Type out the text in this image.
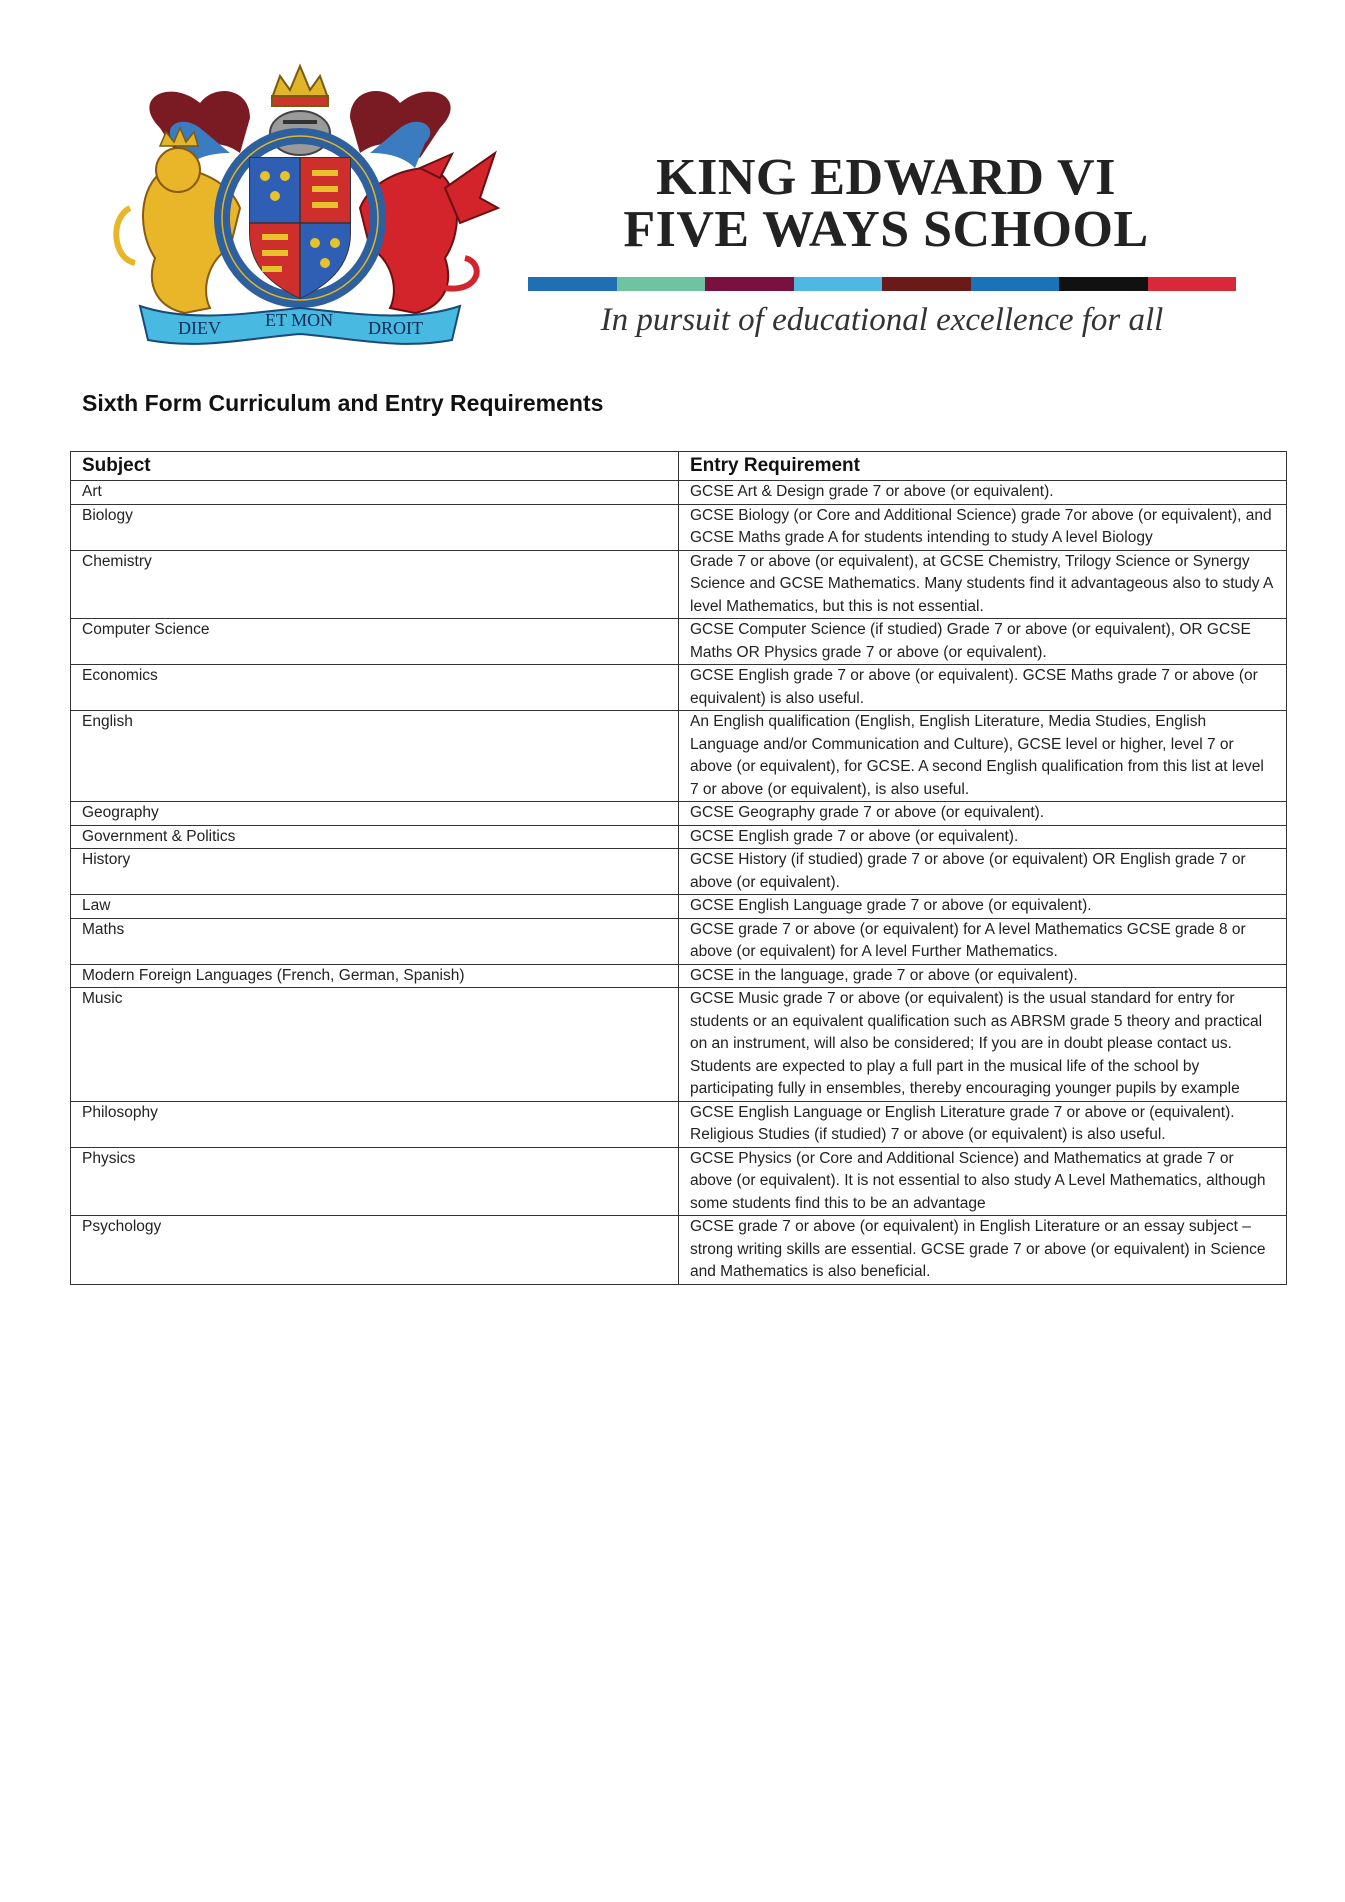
DIEV ET MON DROIT
KING EDWARD VI
FIVE WAYS SCHOOL
In pursuit of educational excellence for all
Sixth Form Curriculum and Entry Requirements
Subject	Entry Requirement
Art	GCSE Art & Design grade 7 or above (or equivalent).
Biology	GCSE Biology (or Core and Additional Science) grade 7or above (or equivalent), and GCSE Maths grade A for students intending to study A level Biology
Chemistry	Grade 7 or above (or equivalent), at GCSE Chemistry, Trilogy Science or Synergy Science and GCSE Mathematics. Many students find it advantageous also to study A level Mathematics, but this is not essential.
Computer Science	GCSE Computer Science (if studied) Grade 7 or above (or equivalent), OR GCSE Maths OR Physics grade 7 or above (or equivalent).
Economics	GCSE English grade 7 or above (or equivalent). GCSE Maths grade 7 or above (or equivalent) is also useful.
English	An English qualification (English, English Literature, Media Studies, English Language and/or Communication and Culture), GCSE level or higher, level 7 or above (or equivalent), for GCSE. A second English qualification from this list at level 7 or above (or equivalent), is also useful.
Geography	GCSE Geography grade 7 or above (or equivalent).
Government & Politics	GCSE English grade 7 or above (or equivalent).
History	GCSE History (if studied) grade 7 or above (or equivalent) OR English grade 7 or above (or equivalent).
Law	GCSE English Language grade 7 or above (or equivalent).
Maths	GCSE grade 7 or above (or equivalent) for A level Mathematics GCSE grade 8 or above (or equivalent) for A level Further Mathematics.
Modern Foreign Languages (French, German, Spanish)	GCSE in the language, grade 7 or above (or equivalent).
Music	GCSE Music grade 7 or above (or equivalent) is the usual standard for entry for students or an equivalent qualification such as ABRSM grade 5 theory and practical on an instrument, will also be considered; If you are in doubt please contact us. Students are expected to play a full part in the musical life of the school by participating fully in ensembles, thereby encouraging younger pupils by example
Philosophy	GCSE English Language or English Literature grade 7 or above or (equivalent). Religious Studies (if studied) 7 or above (or equivalent) is also useful.
Physics	GCSE Physics (or Core and Additional Science) and Mathematics at grade 7 or above (or equivalent). It is not essential to also study A Level Mathematics, although some students find this to be an advantage
Psychology	GCSE grade 7 or above (or equivalent) in English Literature or an essay subject – strong writing skills are essential. GCSE grade 7 or above (or equivalent) in Science and Mathematics is also beneficial.
